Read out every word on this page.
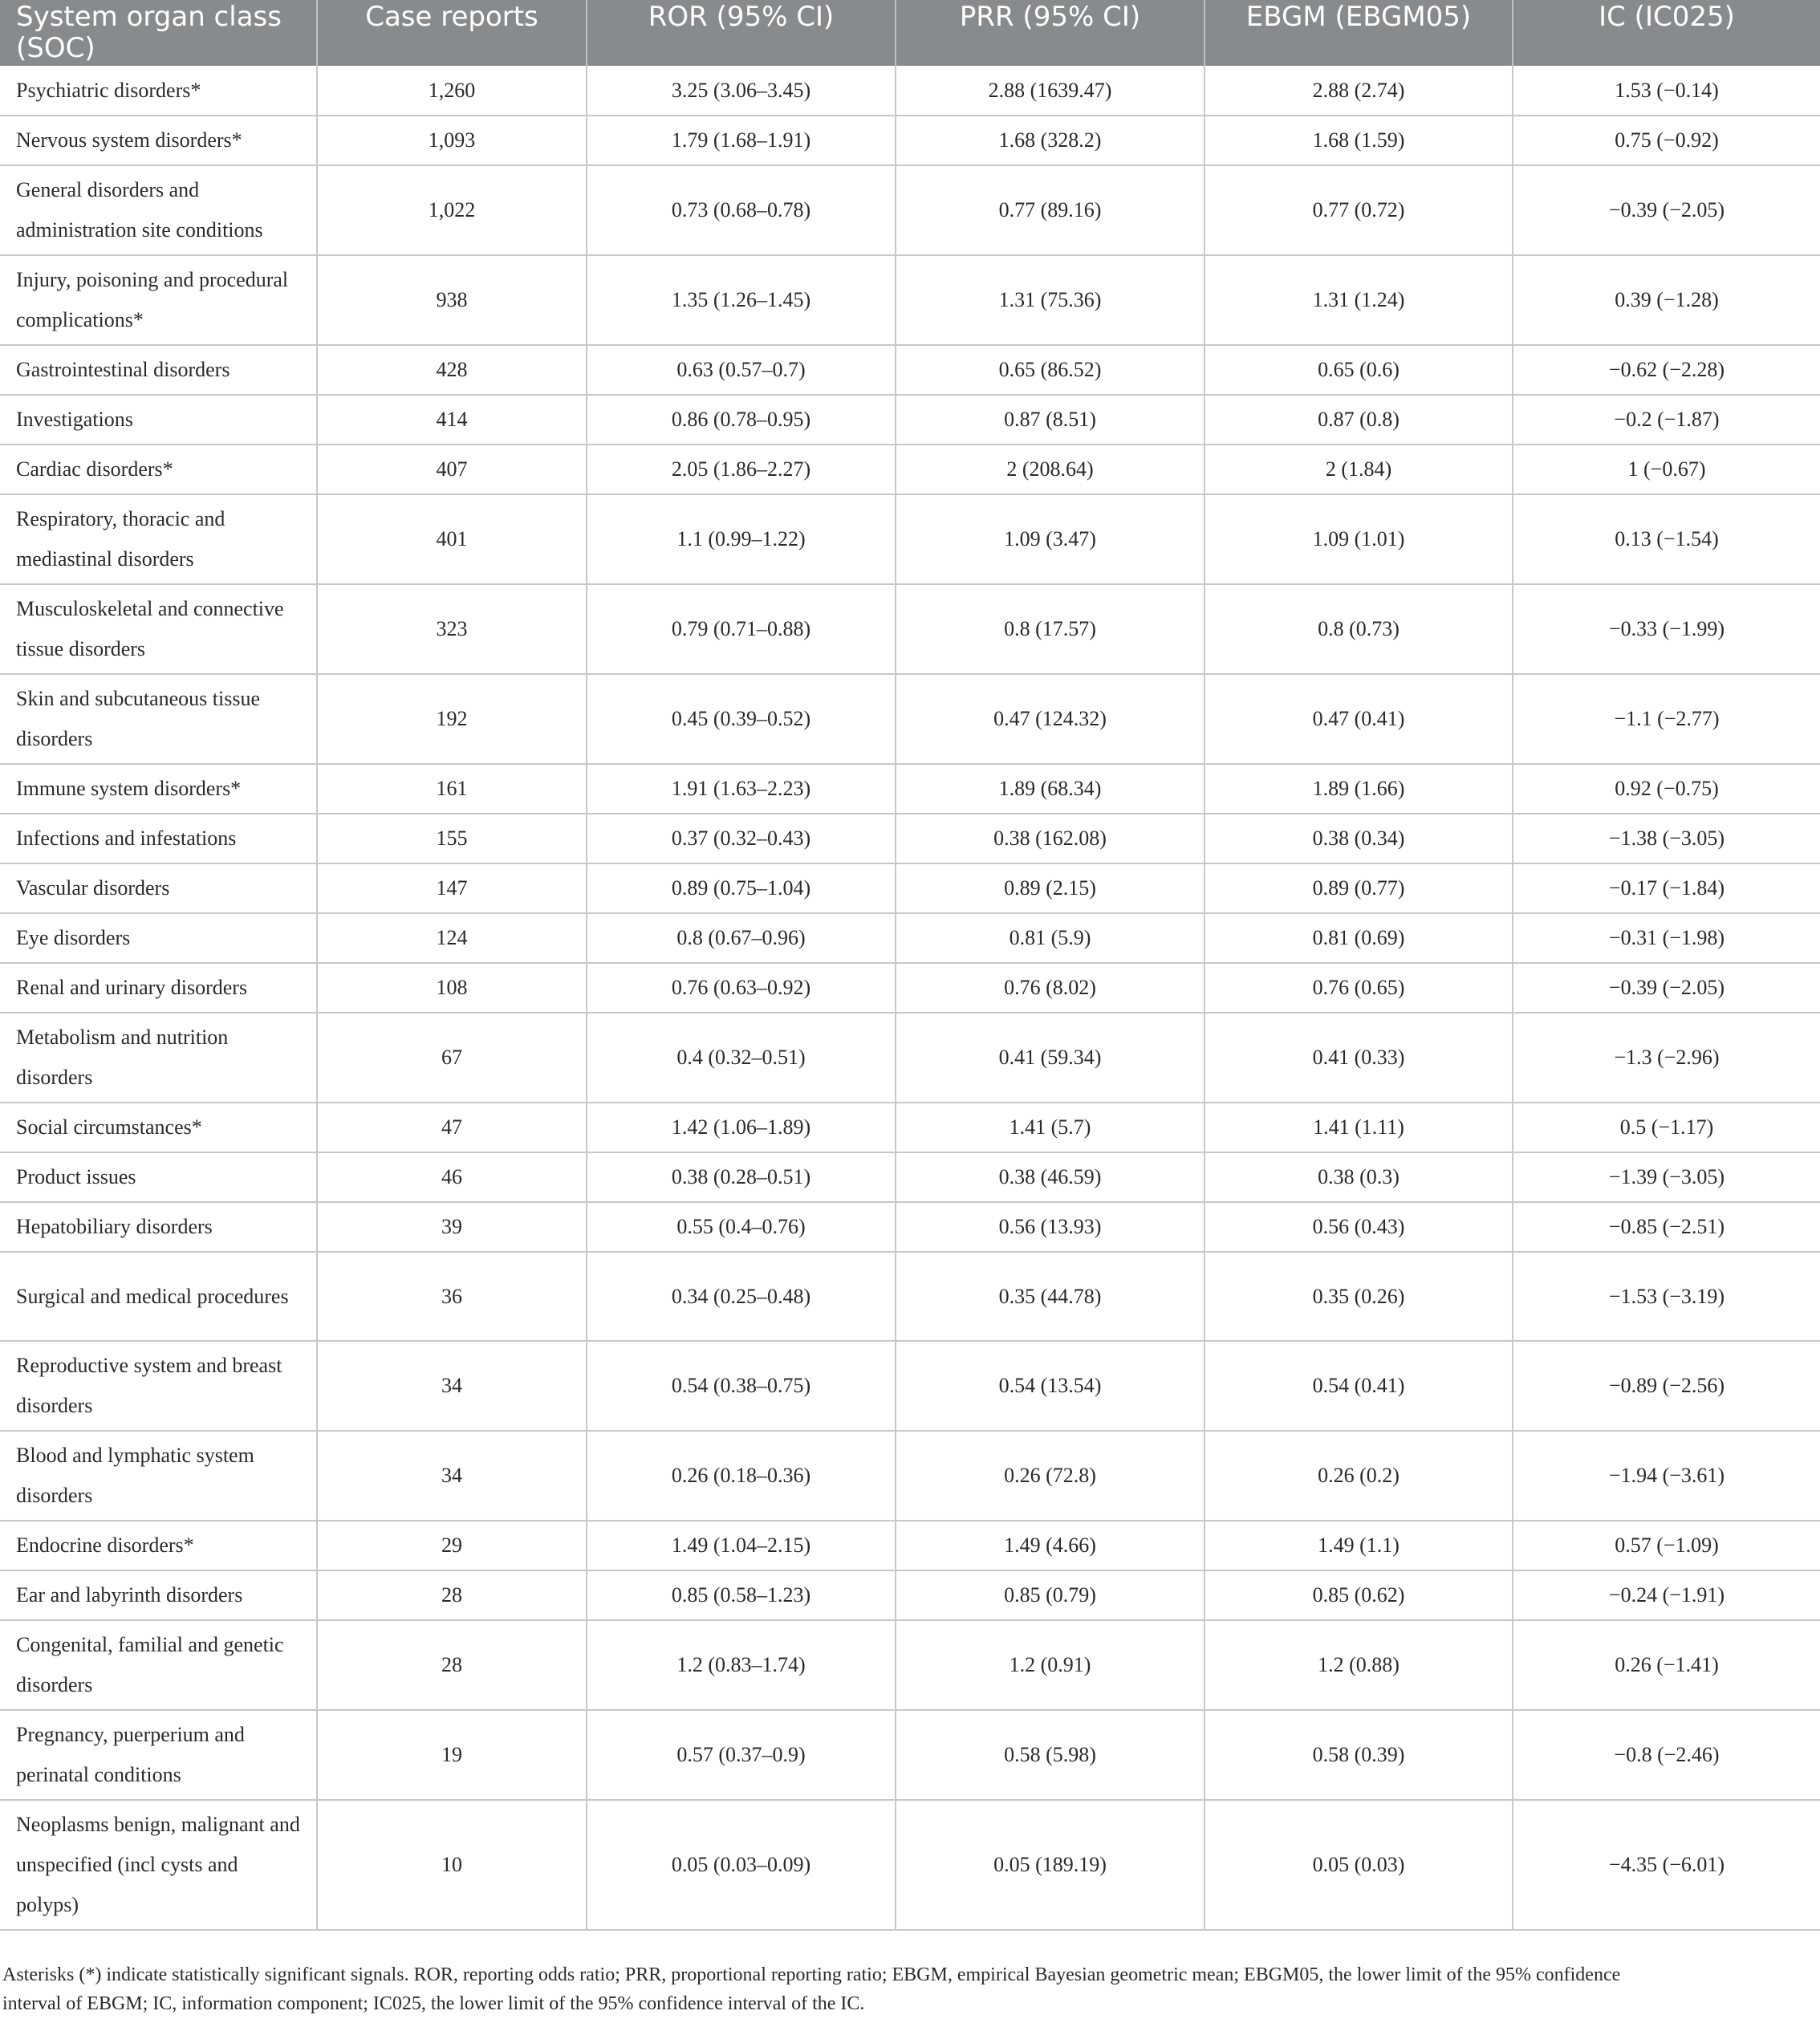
System organ class (SOC)	Case reports	ROR (95% CI)	PRR (95% CI)	EBGM (EBGM05)	IC (IC025)
Psychiatric disorders*	1,260	3.25 (3.06–3.45)	2.88 (1639.47)	2.88 (2.74)	1.53 (−0.14)
Nervous system disorders*	1,093	1.79 (1.68–1.91)	1.68 (328.2)	1.68 (1.59)	0.75 (−0.92)
General disorders and administration site conditions	1,022	0.73 (0.68–0.78)	0.77 (89.16)	0.77 (0.72)	−0.39 (−2.05)
Injury, poisoning and procedural complications*	938	1.35 (1.26–1.45)	1.31 (75.36)	1.31 (1.24)	0.39 (−1.28)
Gastrointestinal disorders	428	0.63 (0.57–0.7)	0.65 (86.52)	0.65 (0.6)	−0.62 (−2.28)
Investigations	414	0.86 (0.78–0.95)	0.87 (8.51)	0.87 (0.8)	−0.2 (−1.87)
Cardiac disorders*	407	2.05 (1.86–2.27)	2 (208.64)	2 (1.84)	1 (−0.67)
Respiratory, thoracic and mediastinal disorders	401	1.1 (0.99–1.22)	1.09 (3.47)	1.09 (1.01)	0.13 (−1.54)
Musculoskeletal and connective tissue disorders	323	0.79 (0.71–0.88)	0.8 (17.57)	0.8 (0.73)	−0.33 (−1.99)
Skin and subcutaneous tissue disorders	192	0.45 (0.39–0.52)	0.47 (124.32)	0.47 (0.41)	−1.1 (−2.77)
Immune system disorders*	161	1.91 (1.63–2.23)	1.89 (68.34)	1.89 (1.66)	0.92 (−0.75)
Infections and infestations	155	0.37 (0.32–0.43)	0.38 (162.08)	0.38 (0.34)	−1.38 (−3.05)
Vascular disorders	147	0.89 (0.75–1.04)	0.89 (2.15)	0.89 (0.77)	−0.17 (−1.84)
Eye disorders	124	0.8 (0.67–0.96)	0.81 (5.9)	0.81 (0.69)	−0.31 (−1.98)
Renal and urinary disorders	108	0.76 (0.63–0.92)	0.76 (8.02)	0.76 (0.65)	−0.39 (−2.05)
Metabolism and nutrition disorders	67	0.4 (0.32–0.51)	0.41 (59.34)	0.41 (0.33)	−1.3 (−2.96)
Social circumstances*	47	1.42 (1.06–1.89)	1.41 (5.7)	1.41 (1.11)	0.5 (−1.17)
Product issues	46	0.38 (0.28–0.51)	0.38 (46.59)	0.38 (0.3)	−1.39 (−3.05)
Hepatobiliary disorders	39	0.55 (0.4–0.76)	0.56 (13.93)	0.56 (0.43)	−0.85 (−2.51)
Surgical and medical procedures	36	0.34 (0.25–0.48)	0.35 (44.78)	0.35 (0.26)	−1.53 (−3.19)
Reproductive system and breast disorders	34	0.54 (0.38–0.75)	0.54 (13.54)	0.54 (0.41)	−0.89 (−2.56)
Blood and lymphatic system disorders	34	0.26 (0.18–0.36)	0.26 (72.8)	0.26 (0.2)	−1.94 (−3.61)
Endocrine disorders*	29	1.49 (1.04–2.15)	1.49 (4.66)	1.49 (1.1)	0.57 (−1.09)
Ear and labyrinth disorders	28	0.85 (0.58–1.23)	0.85 (0.79)	0.85 (0.62)	−0.24 (−1.91)
Congenital, familial and genetic disorders	28	1.2 (0.83–1.74)	1.2 (0.91)	1.2 (0.88)	0.26 (−1.41)
Pregnancy, puerperium and perinatal conditions	19	0.57 (0.37–0.9)	0.58 (5.98)	0.58 (0.39)	−0.8 (−2.46)
Neoplasms benign, malignant and unspecified (incl cysts and polyps)	10	0.05 (0.03–0.09)	0.05 (189.19)	0.05 (0.03)	−4.35 (−6.01)

Asterisks (*) indicate statistically significant signals. ROR, reporting odds ratio; PRR, proportional reporting ratio; EBGM, empirical Bayesian geometric mean; EBGM05, the lower limit of the 95% confidence interval of EBGM; IC, information component; IC025, the lower limit of the 95% confidence interval of the IC.
